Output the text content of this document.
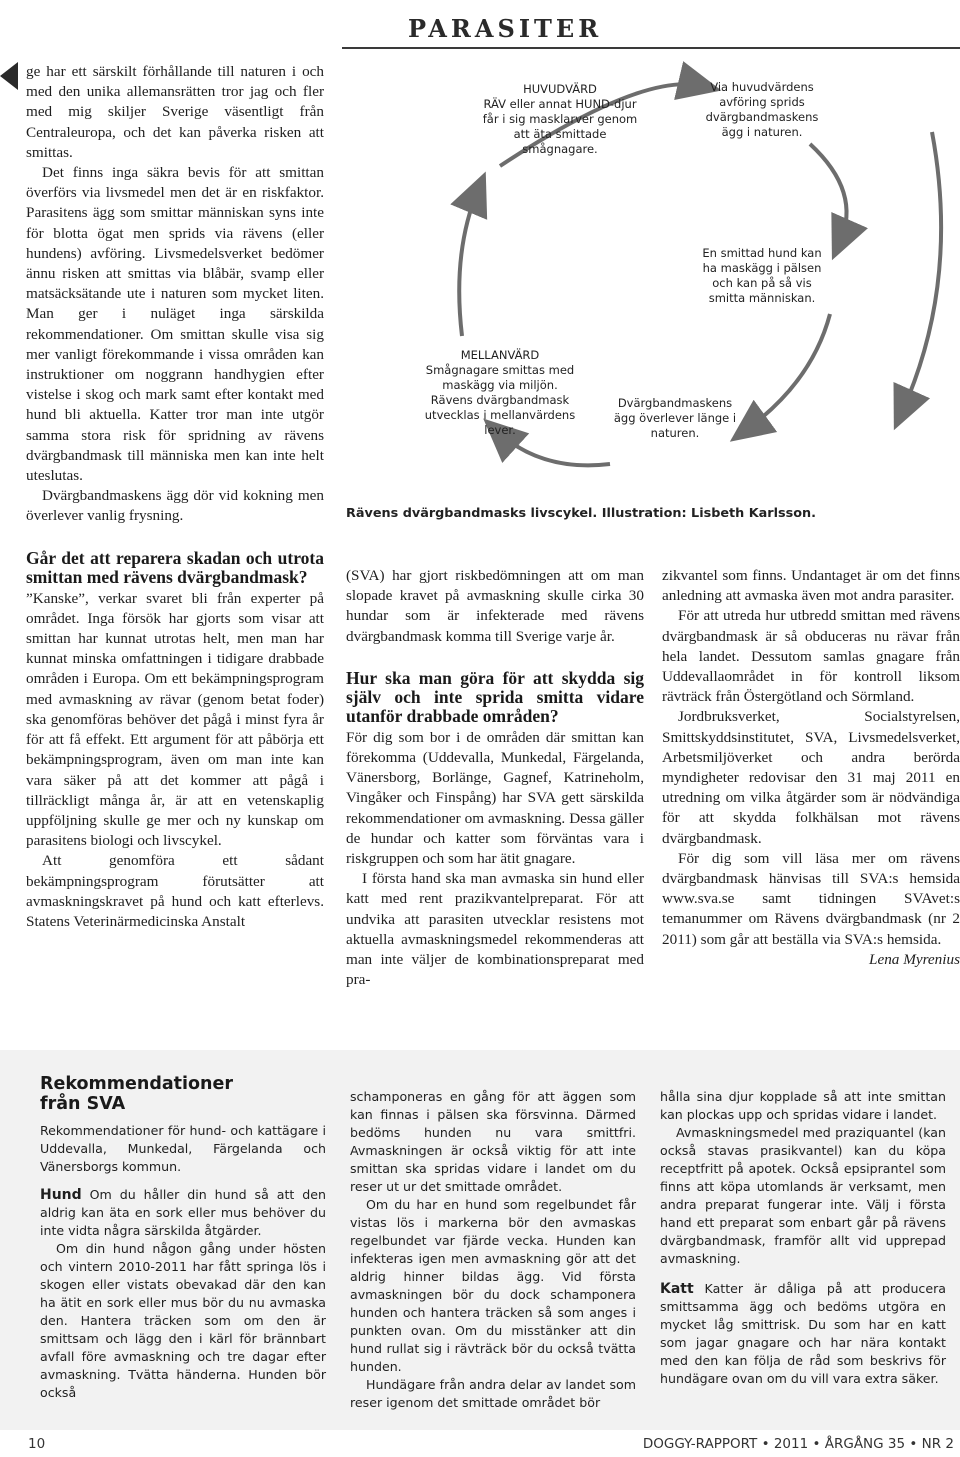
PARASITER

ge har ett särskilt förhållande till naturen i och med den unika allemansrätten tror jag och fler med mig skiljer Sverige väsentligt från Centraleuropa, och det kan påverka risken att smittas.

Det finns inga säkra bevis för att smittan överförs via livsmedel men det är en riskfaktor. Parasitens ägg som smittar människan syns inte för blotta ögat men sprids via rävens (eller hundens) avföring. Livsmedelsverket bedömer ännu risken att smittas via blåbär, svamp eller matsäcksätande ute i naturen som mycket liten. Man ger i nuläget inga särskilda rekommendationer. Om smittan skulle visa sig mer vanligt förekommande i vissa områden kan instruktioner om noggrann handhygien efter vistelse i skog och mark samt efter kontakt med hund bli aktuella. Katter tror man inte utgör samma stora risk för spridning av rävens dvärgbandmask till människa men kan inte helt uteslutas.

Dvärgbandmaskens ägg dör vid kokning men överlever vanlig frysning.

Går det att reparera skadan och utrota smittan med rävens dvärgbandmask?

”Kanske”, verkar svaret bli från experter på området. Inga försök har gjorts som visar att smittan har kunnat utrotas helt, men man har kunnat minska omfattningen i tidigare drabbade områden i Europa. Om ett bekämpningsprogram med avmaskning av rävar (genom betat foder) ska genomföras behöver det pågå i minst fyra år för att få effekt. Ett argument för att påbörja ett bekämpningsprogram, även om man inte kan vara säker på att det kommer att pågå i tillräckligt många år, är att en vetenskaplig uppföljning skulle ge mer och ny kunskap om parasitens biologi och livscykel.

Att genomföra ett sådant bekämpningsprogram förutsätter att avmaskningskravet på hund och katt efterlevs. Statens Veterinärmedicinska Anstalt

HUVUDVÄRD
RÄV eller annat HUND-djur får i sig masklarver genom att äta smittade smågnagare.
Via huvudvärdens avföring sprids dvärgbandmaskens ägg i naturen.
En smittad hund kan ha maskägg i pälsen och kan på så vis smitta människan.
MELLANVÄRD
Smågnagare smittas med maskägg via miljön. Rävens dvärgbandmask utvecklas i mellanvärdens lever.
Dvärgbandmaskens ägg överlever länge i naturen.
Rävens dvärgbandmasks livscykel. Illustration: Lisbeth Karlsson.

(SVA) har gjort riskbedömningen att om man slopade kravet på avmaskning skulle cirka 30 hundar som är infekterade med rävens dvärgbandmask komma till Sverige varje år.

Hur ska man göra för att skydda sig själv och inte sprida smitta vidare utanför drabbade områden?

För dig som bor i de områden där smittan kan förekomma (Uddevalla, Munkedal, Färgelanda, Vänersborg, Borlänge, Gagnef, Katrineholm, Vingåker och Finspång) har SVA gett särskilda rekommendationer om avmaskning. Dessa gäller de hundar och katter som förväntas vara i riskgruppen och som har ätit gnagare.

I första hand ska man avmaska sin hund eller katt med rent prazikvantelpreparat. För att undvika att parasiten utvecklar resistens mot aktuella avmaskningsmedel rekommenderas att man inte väljer de kombinationspreparat med pra-

zikvantel som finns. Undantaget är om det finns anledning att avmaska även mot andra parasiter.

För att utreda hur utbredd smittan med rävens dvärgbandmask är så obduceras nu rävar från hela landet. Dessutom samlas gnagare från Uddevallaområdet in för kontroll liksom rävträck från Östergötland och Sörmland.

Jordbruksverket, Socialstyrelsen, Smittskyddsinstitutet, SVA, Livsmedelsverket, Arbetsmiljöverket och andra berörda myndigheter redovisar den 31 maj 2011 en utredning om vilka åtgärder som är nödvändiga för att skydda folkhälsan mot rävens dvärgbandmask.

För dig som vill läsa mer om rävens dvärgbandmask hänvisas till SVA:s hemsida www.sva.se samt tidningen SVAvet:s temanummer om Rävens dvärgbandmask (nr 2 2011) som går att beställa via SVA:s hemsida.

Lena Myrenius

Rekommendationer från SVA

Rekommendationer för hund- och kattägare i Uddevalla, Munkedal, Färgelanda och Vänersborgs kommun.

Hund Om du håller din hund så att den aldrig kan äta en sork eller mus behöver du inte vidta några särskilda åtgärder.

Om din hund någon gång under hösten och vintern 2010-2011 har fått springa lös i skogen eller vistats obevakad där den kan ha ätit en sork eller mus bör du nu avmaska den. Hantera träcken som om den är smittsam och lägg den i kärl för brännbart avfall före avmaskning och tre dagar efter avmaskning. Tvätta händerna. Hunden bör också

schamponeras en gång för att äggen som kan finnas i pälsen ska försvinna. Därmed bedöms hunden nu vara smittfri. Avmaskningen är också viktig för att inte smittan ska spridas vidare i landet om du reser ut ur det smittade området.

Om du har en hund som regelbundet får vistas lös i markerna bör den avmaskas regelbundet var fjärde vecka. Hunden kan infekteras igen men avmaskning gör att det aldrig hinner bildas ägg. Vid första avmaskningen bör du dock schamponera hunden och hantera träcken så som anges i punkten ovan. Om du misstänker att din hund rullat sig i rävträck bör du också tvätta hunden.

Hundägare från andra delar av landet som reser igenom det smittade området bör

hålla sina djur kopplade så att inte smittan kan plockas upp och spridas vidare i landet.

Avmaskningsmedel med praziquantel (kan också stavas prasikvantel) kan du köpa receptfritt på apotek. Också epsiprantel som finns att köpa utomlands är verksamt, men andra preparat fungerar inte. Välj i första hand ett preparat som enbart går på rävens dvärgbandmask, framför allt vid upprepad avmaskning.

Katt Katter är dåliga på att producera smittsamma ägg och bedöms utgöra en mycket låg smittrisk. Du som har en katt som jagar gnagare och har nära kontakt med den kan följa de råd som beskrivs för hundägare ovan om du vill vara extra säker.

10	DOGGY-RAPPORT • 2011 • ÅRGÅNG 35 • NR 2
